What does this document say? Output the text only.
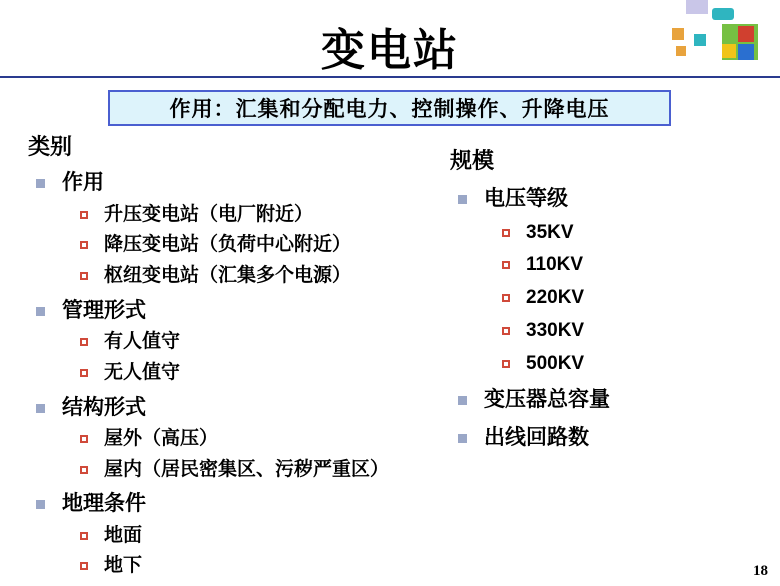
变电站
作用：汇集和分配电力、控制操作、升降电压
类别
作用
升压变电站（电厂附近）
降压变电站（负荷中心附近）
枢纽变电站（汇集多个电源）
管理形式
有人值守
无人值守
结构形式
屋外（高压）
屋内（居民密集区、污秽严重区）
地理条件
地面
地下
规模
电压等级
35KV
110KV
220KV
330KV
500KV
变压器总容量
出线回路数
18
